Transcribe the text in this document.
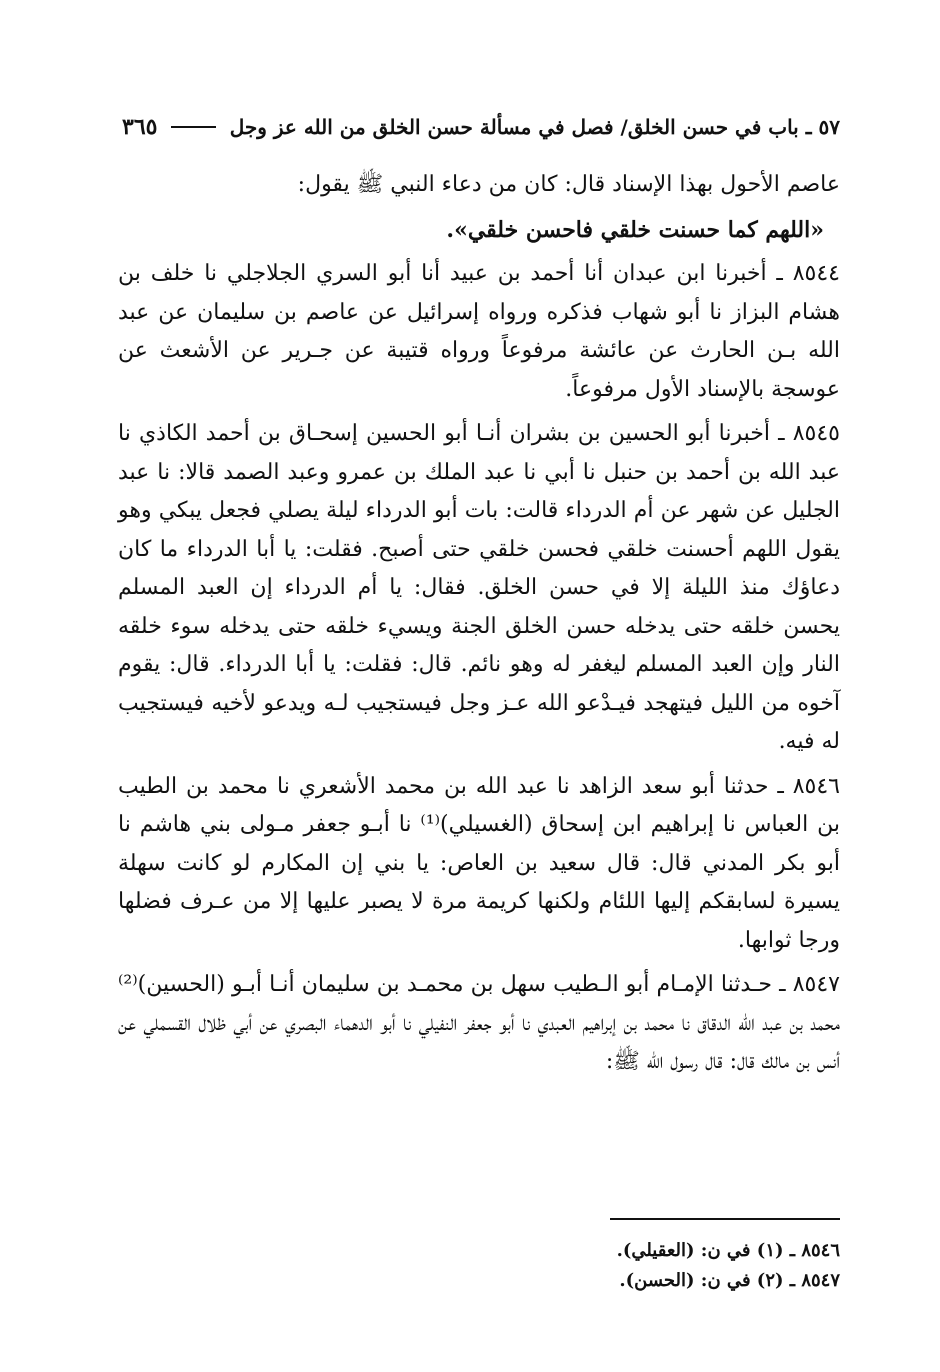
٥٧ ـ باب في حسن الخلق/ فصل في مسألة حسن الخلق من الله عز وجل
٣٦٥

عاصم الأحول بهذا الإسناد قال: كان من دعاء النبي ﷺ يقول:

«اللهم كما حسنت خلقي فاحسن خلقي».

٨٥٤٤ ـ أخبرنا ابن عبدان أنا أحمد بن عبيد أنا أبو السري الجلاجلي نا خلف بن هشام البزاز نا أبو شهاب فذكره ورواه إسرائيل عن عاصم بن سليمان عن عبد الله بـن الحارث عن عائشة مرفوعاً ورواه قتيبة عن جـرير عن الأشعث عن عوسجة بالإسناد الأول مرفوعاً.

٨٥٤٥ ـ أخبرنا أبو الحسين بن بشران أنـا أبو الحسين إسحـاق بن أحمد الكاذي نا عبد الله بن أحمد بن حنبل نا أبي نا عبد الملك بن عمرو وعبد الصمد قالا: نا عبد الجليل عن شهر عن أم الدرداء قالت: بات أبو الدرداء ليلة يصلي فجعل يبكي وهو يقول اللهم أحسنت خلقي فحسن خلقي حتى أصبح. فقلت: يا أبا الدرداء ما كان دعاؤك منذ الليلة إلا في حسن الخلق. فقال: يا أم الدرداء إن العبد المسلم يحسن خلقه حتى يدخله حسن الخلق الجنة ويسيء خلقه حتى يدخله سوء خلقه النار وإن العبد المسلم ليغفر له وهو نائم. قال: فقلت: يا أبا الدرداء. قال: يقوم آخوه من الليل فيتهجد فيـدْعو الله عـز وجل فيستجيب لـه ويدعو لأخيه فيستجيب له فيه.

٨٥٤٦ ـ حدثنا أبو سعد الزاهد نا عبد الله بن محمد الأشعري نا محمد بن الطيب بن العباس نا إبراهيم ابن إسحاق (الغسيلي)⁽¹⁾ نا أبـو جعفر مـولى بني هاشم نا أبو بكر المدني قال: قال سعيد بن العاص: يا بني إن المكارم لو كانت سهلة يسيرة لسابقكم إليها اللئام ولكنها كريمة مرة لا يصبر عليها إلا من عـرف فضلها ورجا ثوابها.

٨٥٤٧ ـ حـدثنا الإمـام أبو الـطيب سهل بن محمـد بن سليمان أنـا أبـو (الحسين)⁽²⁾ محمد بن عبد الله الدقاق نا محمد بن إبراهيم العبدي نا أبو جعفر النفيلي نا أبو الدهماء البصري عن أبي ظلال القسملي عن أنس بن مالك قال: قال رسول الله ﷺ:

٨٥٤٦ ـ (١) في ن: (العقيلي).
٨٥٤٧ ـ (٢) في ن: (الحسن).
